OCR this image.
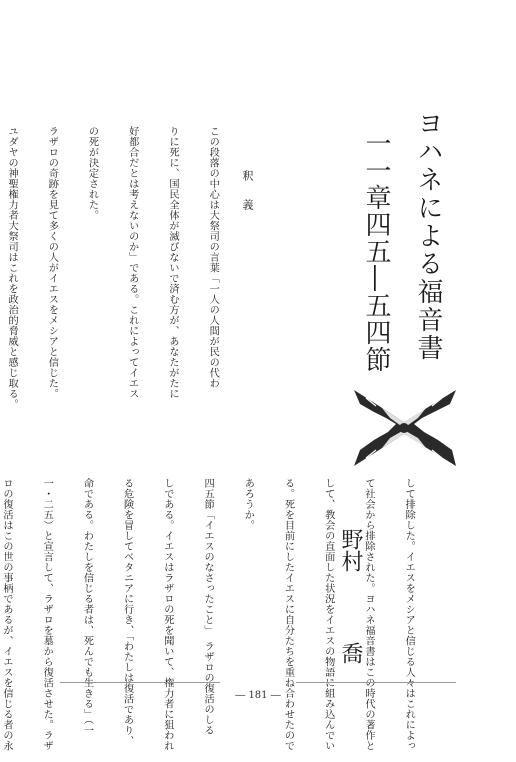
ヨハネによる福音書
一一章四五―五四節
釈義

この段落の中心は大祭司の言葉「一人の人間が民の代わ

りに死に、国民全体が滅びないで済む方が、あなたがたに

好都合だとは考えないのか」である。これによってイエス

の死が決定された。

ラザロの奇跡を見て多くの人がイエスをメシアと信じた。

ユダヤの神聖権力者大祭司はこれを政治的脅威と感じ取る。

して排除した。イエスをメシアと信じる人々はこれによっ

て社会から排除された。ヨハネ福音書はこの時代の著作と

して、教会の直面した状況をイエスの物語に組み込んでい

る。死を目前にしたイエスに自分たちを重ね合わせたので

あろうか。

四五節「イエスのなさったこと」　ラザロの復活のしる

しである。イエスはラザロの死を聞いて、権力者に狙われ

る危険を冒してベタニアに行き、「わたしは復活であり、

命である。わたしを信じる者は、死んでも生きる」（一

一・二五）と宣言して、ラザロを墓から復活させた。ラザ

ロの復活はこの世の事柄であるが、イエスを信じる者の永

	野村喬
― 181 ―
